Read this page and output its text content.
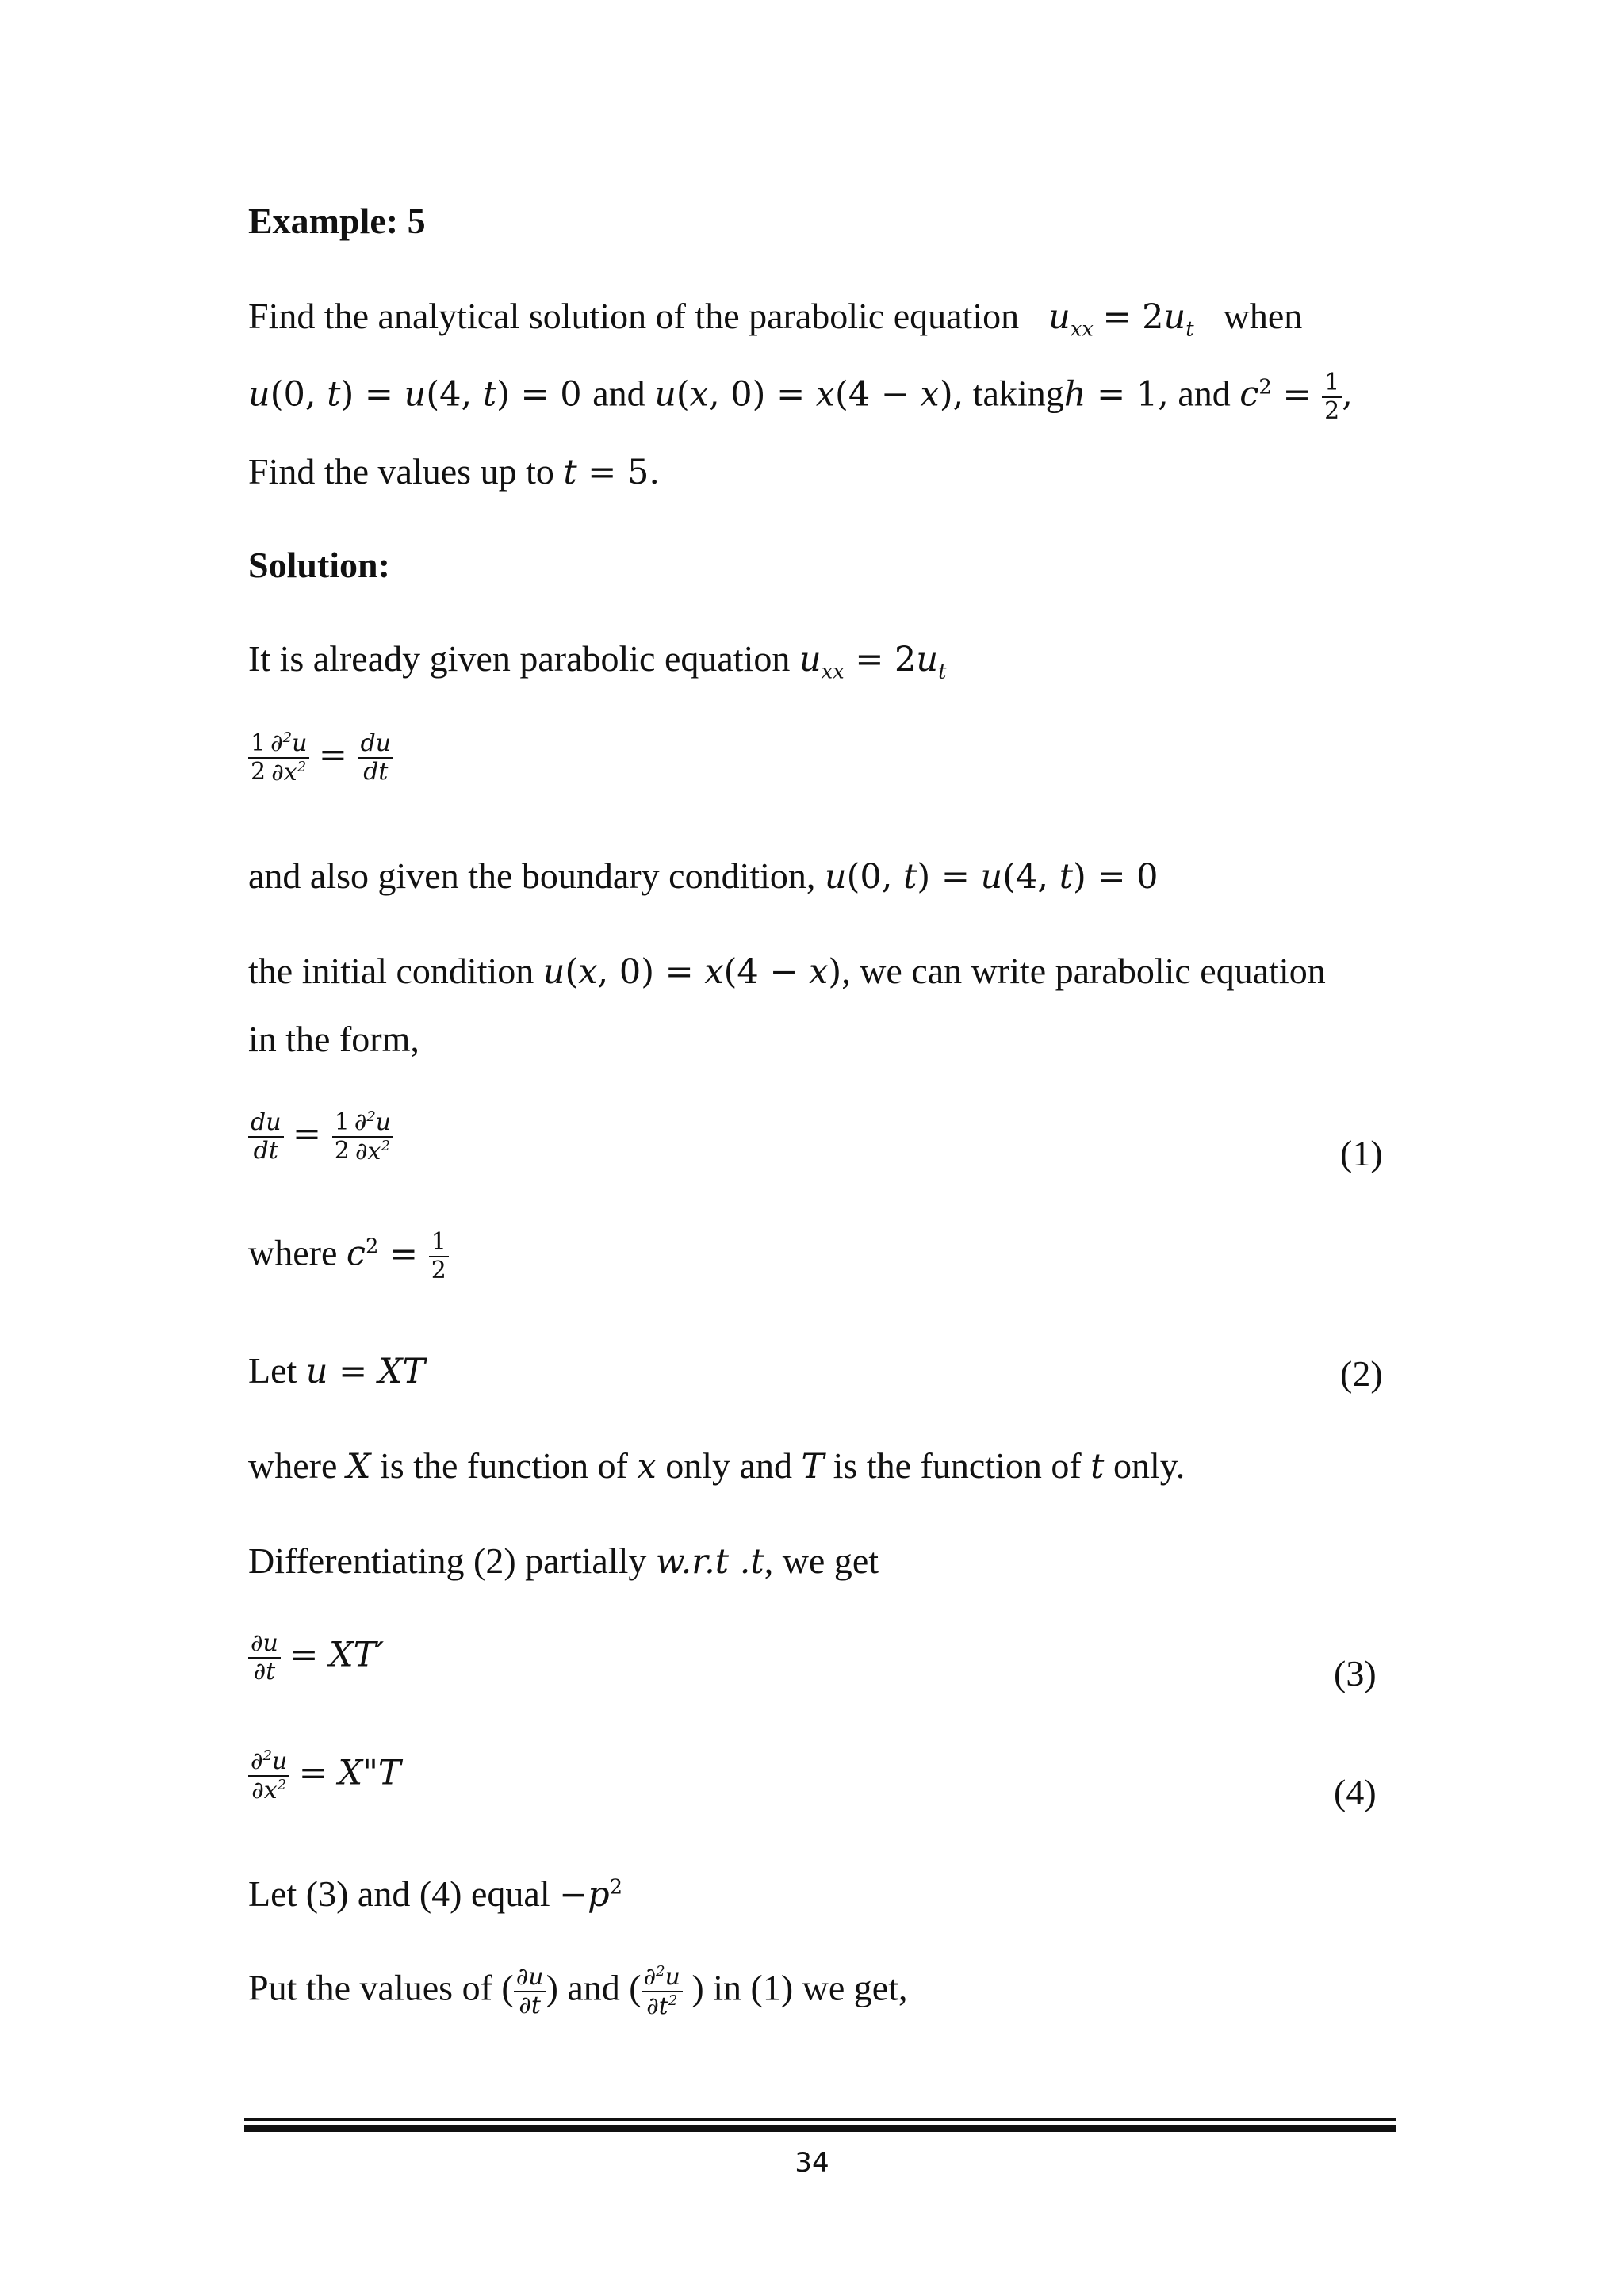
Example: 5
Find the analytical solution of the parabolic equation $u_{xx} = 2u_t$ when
u(0, t) = u(4, t) = 0 and u(x, 0) = x(4 − x), takingh = 1, and $c^2 = \frac{1}{2}$ ,
Find the values up to t = 5.
Solution:
It is already given parabolic equation $u_{xx} = 2u_t$
$\frac{1}{2} \frac{\partial^2u}{\partial x^2} = \frac{du}{dt}$
and also given the boundary condition, u(0, t) = u(4, t) = 0
the initial condition u(x, 0) = x(4 − x), we can write parabolic equation
in the form,
$\frac{du}{dt} = \frac{1}{2} \frac{\partial^2u}{\partial x^2}$	(1)
where $c^2 = \frac{1}{2}$
Let u = XT	(2)
where X is the function of x only and T is the function of t only.
Differentiating (2) partially w.r.t .t, we get
$\frac{\partial u}{\partial t} = XT'$	(3)
$\frac{\partial^2u}{\partial x^2}$ = X"T	(4)
Let (3) and (4) equal $-p^2$
Put the values of ( $\frac{\partial u}{\partial t}$ ) and ( $\frac{\partial^2u}{\partial t^2}$ ) in (1) we get,
34
